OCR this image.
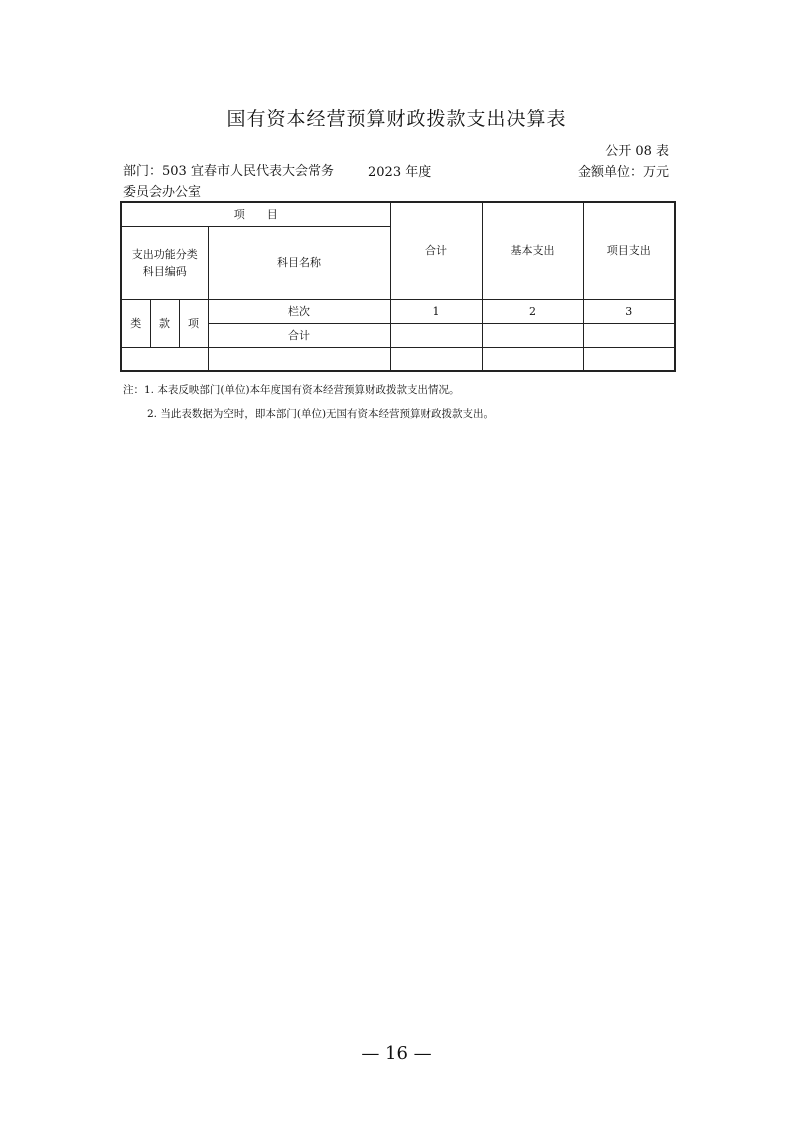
国有资本经营预算财政拨款支出决算表
公开 08 表
部门：503 宜春市人民代表大会常务委员会办公室
2023 年度	金额单位：万元
项　　目				合计	基本支出	项目支出
支出功能分类科目编码			科目名称			
类	款	项	栏次	1	2	3
			合计			

注：1. 本表反映部门(单位)本年度国有资本经营预算财政拨款支出情况。
2. 当此表数据为空时，即本部门(单位)无国有资本经营预算财政拨款支出。
— 16 —
